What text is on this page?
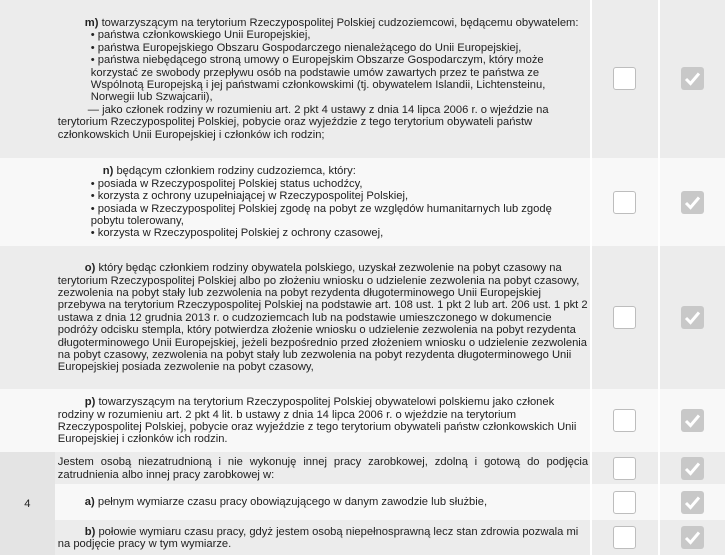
	m) towarzyszącym na terytorium Rzeczypospolitej Polskiej cudzoziemcowi, będącemu obywatelem:

• państwa członkowskiego Unii Europejskiej,

• państwa Europejskiego Obszaru Gospodarczego nienależącego do Unii Europejskiej,

• państwa niebędącego stroną umowy o Europejskim Obszarze Gospodarczym, który może korzystać ze swobody przepływu osób na podstawie umów zawartych przez te państwa ze Wspólnotą Europejską i jej państwami członkowskimi (tj. obywatelem Islandii, Lichtensteinu, Norwegii lub Szwajcarii),

— jako członek rodziny w rozumieniu art. 2 pkt 4 ustawy z dnia 14 lipca 2006 r. o wjeździe na terytorium Rzeczypospolitej Polskiej, pobycie oraz wyjeździe z tego terytorium obywateli państw członkowskich Unii Europejskiej i członków ich rodzin;

	n) będącym członkiem rodziny cudzoziemca, który:

• posiada w Rzeczypospolitej Polskiej status uchodźcy,

• korzysta z ochrony uzupełniającej w Rzeczypospolitej Polskiej,

• posiada w Rzeczypospolitej Polskiej zgodę na pobyt ze względów humanitarnych lub zgodę pobytu tolerowany,

• korzysta w Rzeczypospolitej Polskiej z ochrony czasowej,

	o) który będąc członkiem rodziny obywatela polskiego, uzyskał zezwolenie na pobyt czasowy na terytorium Rzeczypospolitej Polskiej albo po złożeniu wniosku o udzielenie zezwolenia na pobyt czasowy, zezwolenia na pobyt stały lub zezwolenia na pobyt rezydenta długoterminowego Unii Europejskiej przebywa na terytorium Rzeczypospolitej Polskiej na podstawie art. 108 ust. 1 pkt 2 lub art. 206 ust. 1 pkt 2 ustawa z dnia 12 grudnia 2013 r. o cudzoziemcach lub na podstawie umieszczonego w dokumencie podróży odcisku stempla, który potwierdza złożenie wniosku o udzielenie zezwolenia na pobyt rezydenta długoterminowego Unii Europejskiej, jeżeli bezpośrednio przed złożeniem wniosku o udzielenie zezwolenia na pobyt czasowy, zezwolenia na pobyt stały lub zezwolenia na pobyt rezydenta długoterminowego Unii Europejskiej posiada zezwolenie na pobyt czasowy,

	p) towarzyszącym na terytorium Rzeczypospolitej Polskiej obywatelowi polskiemu jako członek rodziny w rozumieniu art. 2 pkt 4 lit. b ustawy z dnia 14 lipca 2006 r. o wjeździe na terytorium Rzeczypospolitej Polskiej, pobycie oraz wyjeździe z tego terytorium obywateli państw członkowskich Unii Europejskiej i członków ich rodzin.

4	Jestem osobą niezatrudnioną i nie wykonuję innej pracy zarobkowej, zdolną i gotową do podjęcia zatrudnienia albo innej pracy zarobkowej w:		

	a) pełnym wymiarze czasu pracy obowiązującego w danym zawodzie lub służbie,

	b) połowie wymiaru czasu pracy, gdyż jestem osobą niepełnosprawną lecz stan zdrowia pozwala mi na podjęcie pracy w tym wymiarze.
